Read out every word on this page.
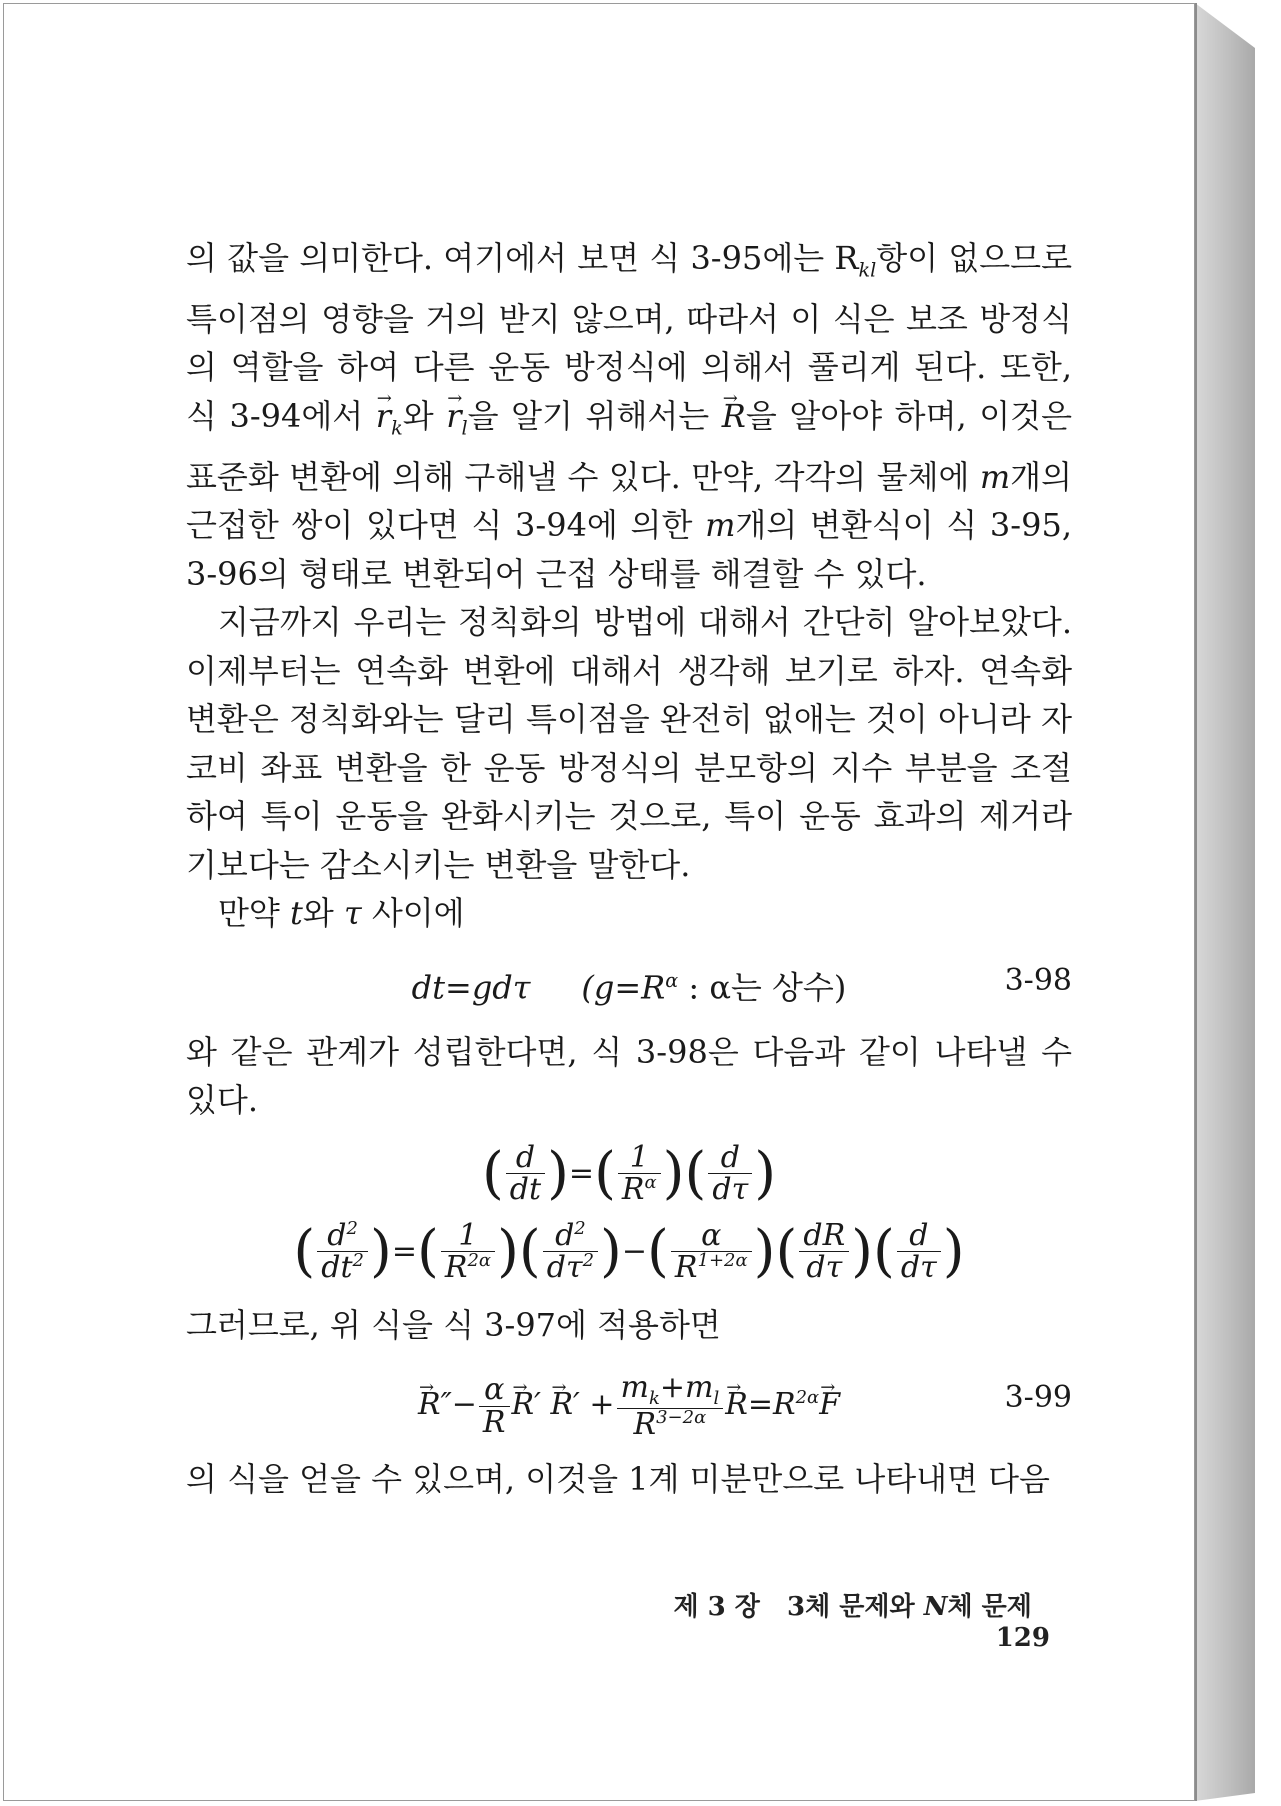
의 값을 의미한다. 여기에서 보면 식 3-95에는 $R_{kl}$항이 없으므로 특이점의 영향을 거의 받지 않으며, 따라서 이 식은 보조 방정식의 역할을 하여 다른 운동 방정식에 의해서 풀리게 된다. 또한, 식 3-94에서 → $r_k$와 → $r_l$을 알기 위해서는 → R을 알아야 하며, 이것은 표준화 변환에 의해 구해낼 수 있다. 만약, 각각의 물체에 m개의 근접한 쌍이 있다면 식 3-94에 의한 m개의 변환식이 식 3-95, 3-96의 형태로 변환되어 근접 상태를 해결할 수 있다.

지금까지 우리는 정칙화의 방법에 대해서 간단히 알아보았다. 이제부터는 연속화 변환에 대해서 생각해 보기로 하자. 연속화 변환은 정칙화와는 달리 특이점을 완전히 없애는 것이 아니라 자코비 좌표 변환을 한 운동 방정식의 분모항의 지수 부분을 조절하여 특이 운동을 완화시키는 것으로, 특이 운동 효과의 제거라기보다는 감소시키는 변환을 말한다.

만약 t와 τ 사이에

dt=gdτ ($g=R^\alpha$ : α는 상수)	3-98

와 같은 관계가 성립한다면, 식 3-98은 다음과 같이 나타낼 수 있다.

( $\frac{d}{dt}$ ) = ( $\frac{1}{R^\alpha}$ ) ( $\frac{d}{d\tau}$ )
( $\frac{d^2}{dt^2}$ ) = ( $\frac{1}{R^{2\alpha}}$ ) ( $\frac{d^2}{d\tau^2}$ ) − ( $\frac{\alpha}{R^{1+2\alpha}}$ ) ( $\frac{dR}{d\tau}$ ) ( $\frac{d}{d\tau}$ )

그러므로, 위 식을 식 3-97에 적용하면

→ $R''- \frac{\alpha}{R}$
→ $R' \to R' + \frac{m_k+m_l}{R^{3-2\alpha}}$
→ $R=R^{2\alpha}\to F$	3-99

의 식을 얻을 수 있으며, 이것을 1계 미분만으로 나타내면 다음

제 3 장 3체 문제와 N체 문제   129
